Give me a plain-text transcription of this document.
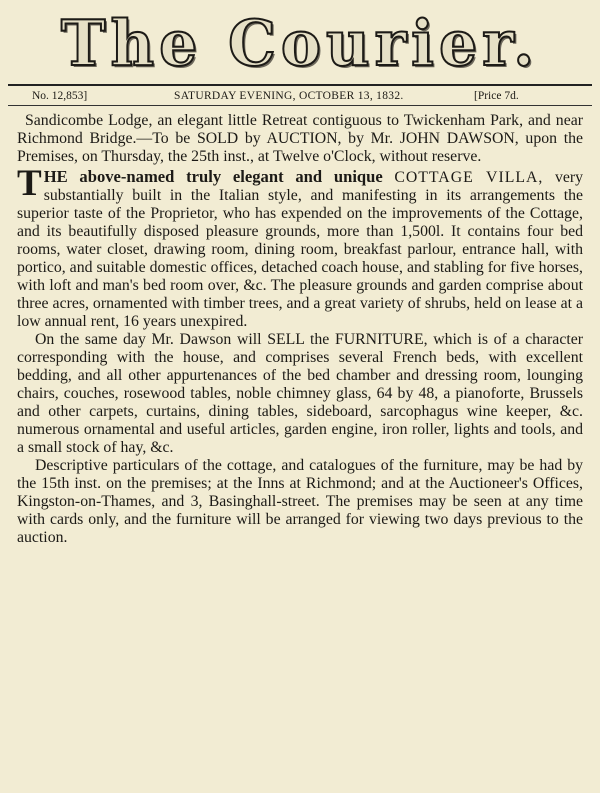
The Courier.
No. 12,853]	SATURDAY EVENING, OCTOBER 13, 1832.	[Price 7d.

Sandicombe Lodge, an elegant little Retreat contiguous to Twickenham Park, and near Richmond Bridge.—To be SOLD by AUCTION, by Mr. JOHN DAWSON, upon the Premises, on Thursday, the 25th inst., at Twelve o'Clock, without reserve.

THE above-named truly elegant and unique COTTAGE VILLA, very substantially built in the Italian style, and manifesting in its arrangements the superior taste of the Proprietor, who has expended on the improvements of the Cottage, and its beautifully disposed pleasure grounds, more than 1,500l. It contains four bed rooms, water closet, drawing room, dining room, breakfast parlour, entrance hall, with portico, and suitable domestic offices, detached coach house, and stabling for five horses, with loft and man's bed room over, &c. The pleasure grounds and garden comprise about three acres, ornamented with timber trees, and a great variety of shrubs, held on lease at a low annual rent, 16 years unexpired.

On the same day Mr. Dawson will SELL the FURNITURE, which is of a character corresponding with the house, and comprises several French beds, with excellent bedding, and all other appurtenances of the bed chamber and dressing room, lounging chairs, couches, rosewood tables, noble chimney glass, 64 by 48, a pianoforte, Brussels and other carpets, curtains, dining tables, sideboard, sarcophagus wine keeper, &c. numerous ornamental and useful articles, garden engine, iron roller, lights and tools, and a small stock of hay, &c.

Descriptive particulars of the cottage, and catalogues of the furniture, may be had by the 15th inst. on the premises; at the Inns at Richmond; and at the Auctioneer's Offices, Kingston-on-Thames, and 3, Basinghall-street. The premises may be seen at any time with cards only, and the furniture will be arranged for viewing two days previous to the auction.
